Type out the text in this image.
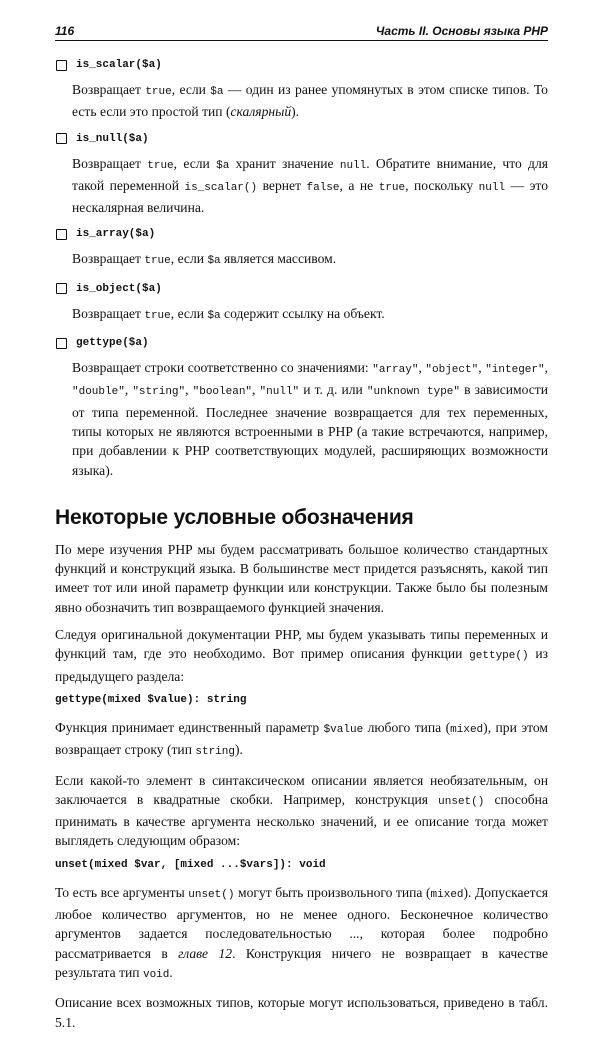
116	Часть II. Основы языка PHP
is_scalar($a)
Возвращает true, если $a — один из ранее упомянутых в этом списке типов. То есть если это простой тип (скалярный).
is_null($a)
Возвращает true, если $a хранит значение null. Обратите внимание, что для такой переменной is_scalar() вернет false, а не true, поскольку null — это нескалярная величина.
is_array($a)
Возвращает true, если $a является массивом.
is_object($a)
Возвращает true, если $a содержит ссылку на объект.
gettype($a)
Возвращает строки соответственно со значениями: "array", "object", "integer", "double", "string", "boolean", "null" и т. д. или "unknown type" в зависимости от типа переменной. Последнее значение возвращается для тех переменных, типы которых не являются встроенными в PHP (а такие встречаются, например, при добавлении к PHP соответствующих модулей, расширяющих возможности языка).
Некоторые условные обозначения

По мере изучения PHP мы будем рассматривать большое количество стандартных функций и конструкций языка. В большинстве мест придется разъяснять, какой тип имеет тот или иной параметр функции или конструкции. Также было бы полезным явно обозначить тип возвращаемого функцией значения.

Следуя оригинальной документации PHP, мы будем указывать типы переменных и функций там, где это необходимо. Вот пример описания функции gettype() из предыдущего раздела:

gettype(mixed $value): string

Функция принимает единственный параметр $value любого типа (mixed), при этом возвращает строку (тип string).

Если какой-то элемент в синтаксическом описании является необязательным, он заключается в квадратные скобки. Например, конструкция unset() способна принимать в качестве аргумента несколько значений, и ее описание тогда может выглядеть следующим образом:

unset(mixed $var, [mixed ...$vars]): void

То есть все аргументы unset() могут быть произвольного типа (mixed). Допускается любое количество аргументов, но не менее одного. Бесконечное количество аргументов задается последовательностью ..., которая более подробно рассматривается в главе 12. Конструкция ничего не возвращает в качестве результата тип void.

Описание всех возможных типов, которые могут использоваться, приведено в табл. 5.1.
